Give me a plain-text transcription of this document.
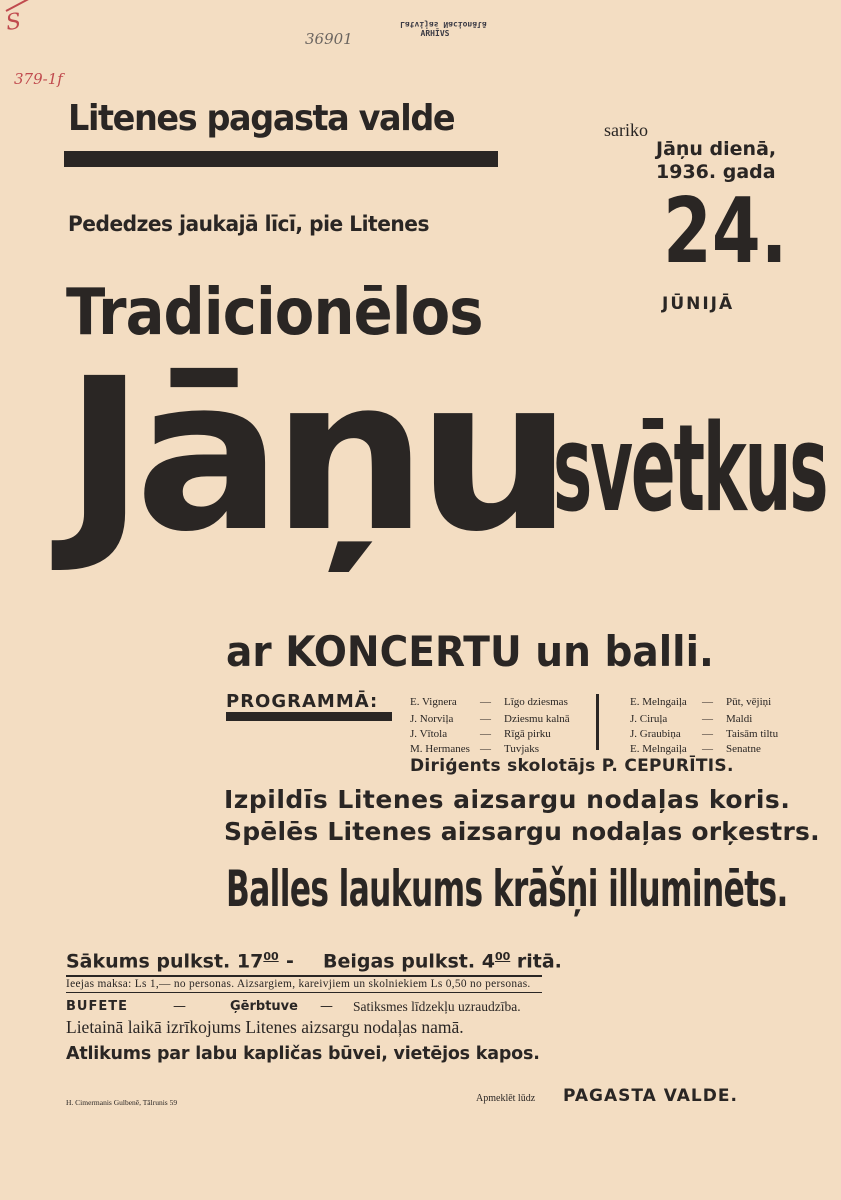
S
379-1f
36901
Latvijas Nacionālā
ARHĪVS
Litenes pagasta valde
Pededzes jaukajā līcī, pie Litenes
sariko
Jāņu dienā,
1936. gada
24.
JŪNIJĀ
Tradicionēlos
Jāņu
svētkus
ar KONCERTU un balli.
PROGRAMMĀ:	E. Vignera — Līgo dziesmas
J. Norviļa — Dziesmu kalnā
J. Vītola	— Rīgā pirku
M. Hermanes — Tuvjaks
E. Melngaiļa — Pūt, vējiņi
J. Ciruļa	— Maldi
J. Graubiņa — Taisām tiltu
E. Melngaiļa — Senatne
Diriģents skolotājs P. CEPURĪTIS.
Izpildīs Litenes aizsargu nodaļas koris.
Spēlēs Litenes aizsargu nodaļas orķestrs.
Balles laukums krāšņi illuminēts.
Sākums pulkst. $17^{00}$ - Beigas pulkst. $4^{00}$ ritā.
Ieejas maksa: Ls 1,— no personas. Aizsargiem, kareivjiem un skolniekiem Ls 0,50 no personas.
BUFETE	—	Ģērbtuve — Satiksmes līdzekļu uzraudzība.
Lietainā laikā izrīkojums Litenes aizsargu nodaļas namā.
Atlikums par labu kapličas būvei, vietējos kapos.
H. Cimermanis Gulbenē, Tālrunis 59	Apmeklēt lūdz PAGASTA VALDE.
